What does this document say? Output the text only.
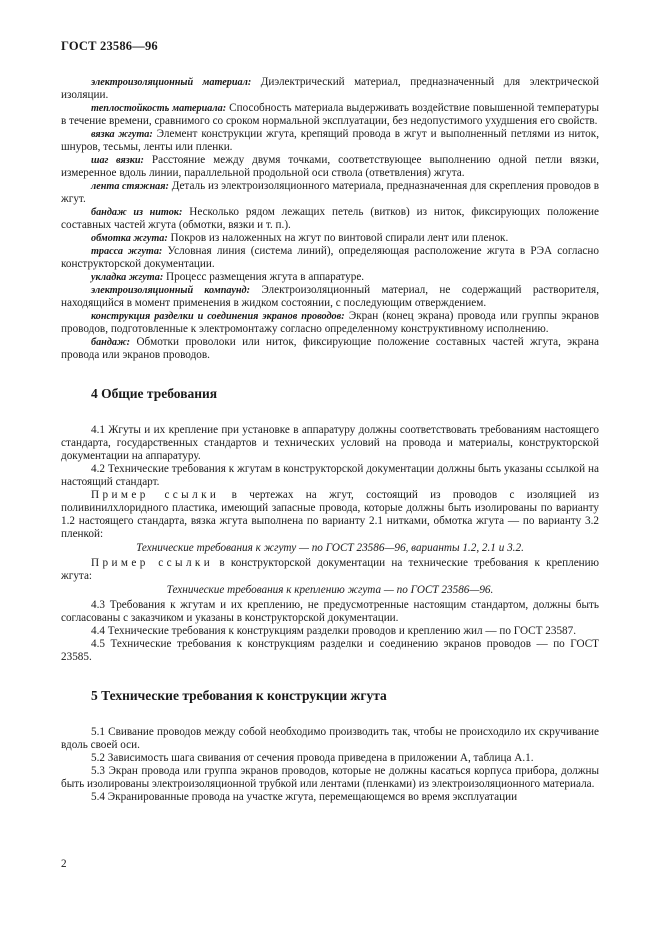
ГОСТ 23586—96

электроизоляционный материал: Диэлектрический материал, предназначенный для электрической изоляции.

теплостойкость материала: Способность материала выдерживать воздействие повышенной температуры в течение времени, сравнимого со сроком нормальной эксплуатации, без недопустимого ухудшения его свойств.

вязка жгута: Элемент конструкции жгута, крепящий провода в жгут и выполненный петлями из ниток, шнуров, тесьмы, ленты или пленки.

шаг вязки: Расстояние между двумя точками, соответствующее выполнению одной петли вязки, измеренное вдоль линии, параллельной продольной оси ствола (ответвления) жгута.

лента стяжная: Деталь из электроизоляционного материала, предназначенная для скрепления проводов в жгут.

бандаж из ниток: Несколько рядом лежащих петель (витков) из ниток, фиксирующих положение составных частей жгута (обмотки, вязки и т. п.).

обмотка жгута: Покров из наложенных на жгут по винтовой спирали лент или пленок.

трасса жгута: Условная линия (система линий), определяющая расположение жгута в РЭА согласно конструкторской документации.

укладка жгута: Процесс размещения жгута в аппаратуре.

электроизоляционный компаунд: Электроизоляционный материал, не содержащий растворителя, находящийся в момент применения в жидком состоянии, с последующим отверждением.

конструкция разделки и соединения экранов проводов: Экран (конец экрана) провода или группы экранов проводов, подготовленные к электромонтажу согласно определенному конструктивному исполнению.

бандаж: Обмотки проволоки или ниток, фиксирующие положение составных частей жгута, экрана провода или экранов проводов.

4 Общие требования

4.1 Жгуты и их крепление при установке в аппаратуру должны соответствовать требованиям настоящего стандарта, государственных стандартов и технических условий на провода и материалы, конструкторской документации на аппаратуру.

4.2 Технические требования к жгутам в конструкторской документации должны быть указаны ссылкой на настоящий стандарт.

Пример ссылки в чертежах на жгут, состоящий из проводов с изоляцией из поливинилхлоридного пластика, имеющий запасные провода, которые должны быть изолированы по варианту 1.2 настоящего стандарта, вязка жгута выполнена по варианту 2.1 нитками, обмотка жгута — по варианту 3.2 пленкой:

Технические требования к жгуту — по ГОСТ 23586—96, варианты 1.2, 2.1 и 3.2.

Пример ссылки в конструкторской документации на технические требования к креплению жгута:

Технические требования к креплению жгута — по ГОСТ 23586—96.

4.3 Требования к жгутам и их креплению, не предусмотренные настоящим стандартом, должны быть согласованы с заказчиком и указаны в конструкторской документации.

4.4 Технические требования к конструкциям разделки проводов и креплению жил — по ГОСТ 23587.

4.5 Технические требования к конструкциям разделки и соединению экранов проводов — по ГОСТ 23585.

5 Технические требования к конструкции жгута

5.1 Свивание проводов между собой необходимо производить так, чтобы не происходило их скручивание вдоль своей оси.

5.2 Зависимость шага свивания от сечения провода приведена в приложении А, таблица А.1.

5.3 Экран провода или группа экранов проводов, которые не должны касаться корпуса прибора, должны быть изолированы электроизоляционной трубкой или лентами (пленками) из электроизоляционного материала.

5.4 Экранированные провода на участке жгута, перемещающемся во время эксплуатации

2
